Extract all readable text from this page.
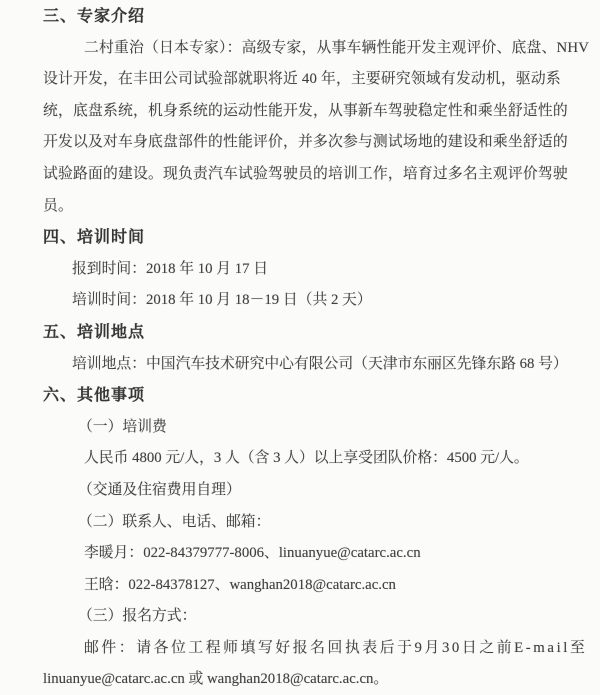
三、专家介绍
二村重治（日本专家）：高级专家，从事车辆性能开发主观评价、底盘、NHV
设计开发，在丰田公司试验部就职将近 40 年，主要研究领域有发动机，驱动系
统，底盘系统，机身系统的运动性能开发，从事新车驾驶稳定性和乘坐舒适性的
开发以及对车身底盘部件的性能评价，并多次参与测试场地的建设和乘坐舒适的
试验路面的建设。现负责汽车试验驾驶员的培训工作，培育过多名主观评价驾驶
员。
四、培训时间
报到时间：2018 年 10 月 17 日
培训时间：2018 年 10 月 18－19 日（共 2 天）
五、培训地点
培训地点：中国汽车技术研究中心有限公司（天津市东丽区先锋东路 68 号）
六、其他事项
（一）培训费
人民币 4800 元/人，3 人（含 3 人）以上享受团队价格：4500 元/人。
（交通及住宿费用自理）
（二）联系人、电话、邮箱：
李暖月：022-84379777-8006、linuanyue@catarc.ac.cn
王晗：022-84378127、wanghan2018@catarc.ac.cn
（三）报名方式：
邮件：请各位工程师填写好报名回执表后于9月30日之前E-mail至
linuanyue@catarc.ac.cn 或 wanghan2018@catarc.ac.cn。
